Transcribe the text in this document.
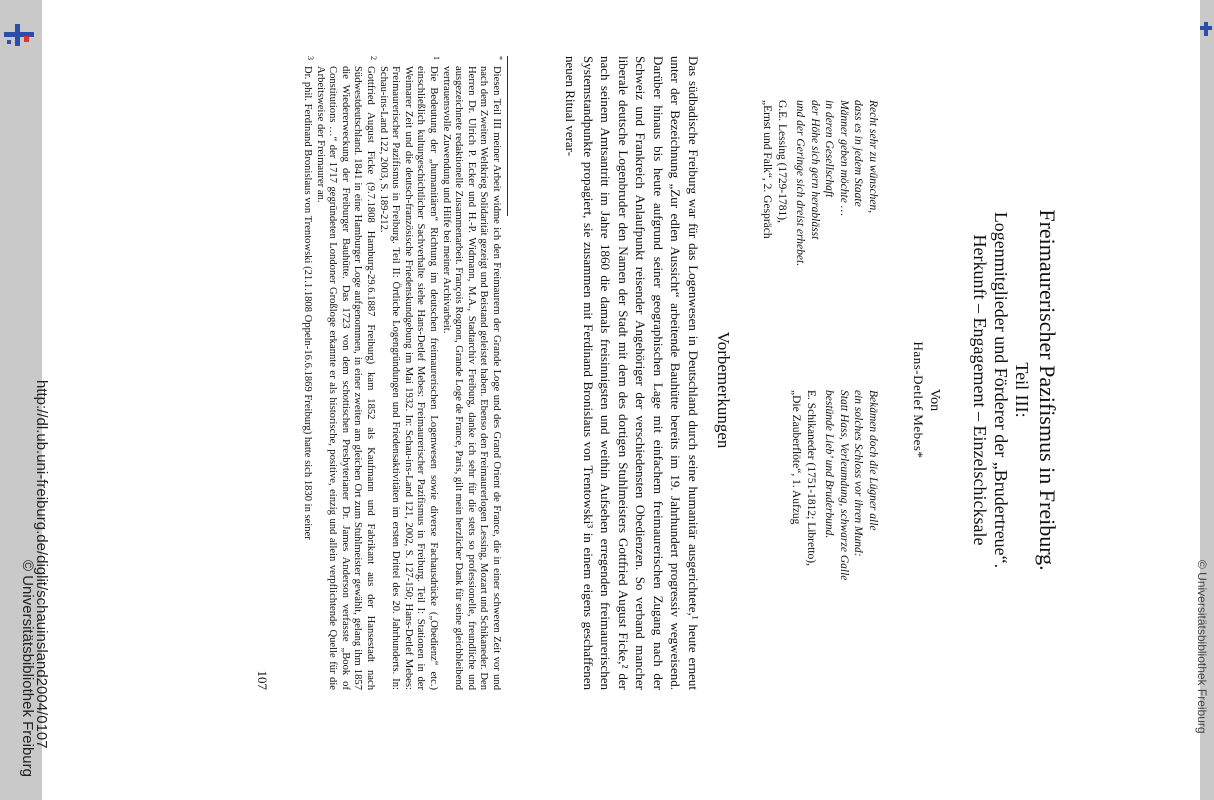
http://dl.ub.uni-freiburg.de/diglit/schauinsland2004/0107
© Universitätsbibliothek Freiburg	© Universitätsbibliothek Freiburg
Freimaurerischer Pazifismus in Freiburg.
Teil III:
Logenmitglieder und Förderer der „Brudertreue“.
Herkunft – Engagement – Einzelschicksale
Von
Hans-Detlef Mebes*
Recht sehr zu wünschen,
dass es in jedem Staate
Männer geben möchte …
in deren Gesellschaft
der Höhe sich gern herablässt
und der Geringe sich dreist erhebet.
G.E. Lessing (1729-1781),
„Ernst und Falk“, 2. Gespräch
Bekämen doch die Lügner alle
ein solches Schloss vor ihren Mund:
Statt Hass, Verleumdung, schwarze Galle
bestünde Lieb’ und Bruderbund.
E. Schikaneder (1751-1812; Libretto),
„Die Zauberflöte“, 1. Aufzug
Vorbemerkungen
Das südbadische Freiburg war für das Logenwesen in Deutschland durch seine humanitär ausgerichtete,¹ heute erneut unter der Bezeichnung „Zur edlen Aussicht“ arbeitende Bauhütte bereits im 19. Jahrhundert progressiv wegweisend. Darüber hinaus bis heute aufgrund seiner geographischen Lage mit einfachem freimaurerischen Zugang nach der Schweiz und Frankreich Anlaufpunkt reisender Angehöriger der verschiedensten Obedienzen. So verband mancher liberale deutsche Logenbruder den Namen der Stadt mit dem des dortigen Stuhlmeisters Gottfried August Ficke,² der nach seinem Amtsantritt im Jahre 1860 die damals freisinnigsten und weithin Aufsehen erregenden freimaurerischen Systemstandpunkte propagiert, sie zusammen mit Ferdinand Bronislaus von Trentowski³ in einem eigens geschaffenen neuen Ritual verar-
*
Diesen Teil III meiner Arbeit widme ich den Freimaurern der Grande Loge und des Grand Orient de France, die in einer schweren Zeit vor und nach dem Zweiten Weltkrieg Solidarität gezeigt und Beistand geleistet haben. Ebenso den Freimaurerlogen Lessing, Mozart und Schikaneder. Den Herren Dr. Ulrich P. Ecker und H.-P. Widmann, M.A., Stadtarchiv Freiburg, danke ich sehr für die stets so professionelle, freundliche und ausgezeichnete redaktionelle Zusammenarbeit. François Rognon, Grande Loge de France, Paris, gilt mein herzlicher Dank für seine gleichbleibend vertrauensvolle Zuwendung und Hilfe bei meiner Archivarbeit.
1
Die Bedeutung der „humanitären“ Richtung im deutschen freimaurerischen Logenwesen sowie diverse Fachausdrücke („Obedienz“ etc.) einschließlich kulturgeschichtlicher Sachverhalte siehe Hans-Detlef Mebes: Freimaurerischer Pazifismus in Freiburg. Teil I: Stationen in der Weimarer Zeit und die deutsch-französische Friedenskundgebung im Mai 1932. In: Schau-ins-Land 121, 2002, S. 127-150; Hans-Detlef Mebes: Freimaurerischer Pazifismus in Freiburg. Teil II: Örtliche Logengründungen und Friedensaktivitäten im ersten Drittel des 20. Jahrhunderts. In: Schau-ins-Land 122, 2003, S. 189-212.
2
Gottfried August Ficke (9.7.1808 Hamburg-29.6.1887 Freiburg) kam 1852 als Kaufmann und Fabrikant aus der Hansestadt nach Südwestdeutschland. 1841 in eine Hamburger Loge aufgenommen, in einer zweiten am gleichen Ort zum Stuhlmeister gewählt, gelang ihm 1857 die Wiedererweckung der Freiburger Bauhütte. Das 1723 von dem schottischen Presbyterianer Dr. James Anderson verfasste „Book of Constitutions …“ der 1717 gegründeten Londoner Großloge erkannte er als historische, positive, einzig und allein verpflichtende Quelle für die Arbeitsweise der Freimaurer an.
3
Dr. phil. Ferdinand Bronislaus von Trentowski (21.1.1808 Oppeln-16.6.1869 Freiburg) hatte sich 1830 in seiner
107
